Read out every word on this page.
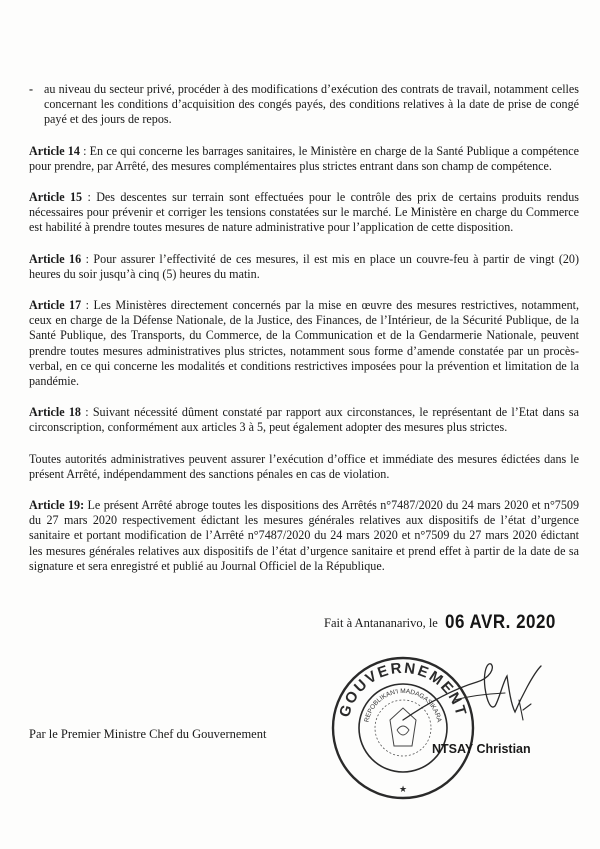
- au niveau du secteur privé, procéder à des modifications d’exécution des contrats de travail, notamment celles concernant les conditions d’acquisition des congés payés, des conditions relatives à la date de prise de congé payé et des jours de repos.

Article 14 : En ce qui concerne les barrages sanitaires, le Ministère en charge de la Santé Publique a compétence pour prendre, par Arrêté, des mesures complémentaires plus strictes entrant dans son champ de compétence.

Article 15 : Des descentes sur terrain sont effectuées pour le contrôle des prix de certains produits rendus nécessaires pour prévenir et corriger les tensions constatées sur le marché. Le Ministère en charge du Commerce est habilité à prendre toutes mesures de nature administrative pour l’application de cette disposition.

Article 16 : Pour assurer l’effectivité de ces mesures, il est mis en place un couvre-feu à partir de vingt (20) heures du soir jusqu’à cinq (5) heures du matin.

Article 17 : Les Ministères directement concernés par la mise en œuvre des mesures restrictives, notamment, ceux en charge de la Défense Nationale, de la Justice, des Finances, de l’Intérieur, de la Sécurité Publique, de la Santé Publique, des Transports, du Commerce, de la Communication et de la Gendarmerie Nationale, peuvent prendre toutes mesures administratives plus strictes, notamment sous forme d’amende constatée par un procès-verbal, en ce qui concerne les modalités et conditions restrictives imposées pour la prévention et limitation de la pandémie.

Article 18 : Suivant nécessité dûment constaté par rapport aux circonstances, le représentant de l’Etat dans sa circonscription, conformément aux articles 3 à 5, peut également adopter des mesures plus strictes.

Toutes autorités administratives peuvent assurer l’exécution d’office et immédiate des mesures édictées dans le présent Arrêté, indépendamment des sanctions pénales en cas de violation.

Article 19: Le présent Arrêté abroge toutes les dispositions des Arrêtés n°7487/2020 du 24 mars 2020 et n°7509 du 27 mars 2020 respectivement édictant les mesures générales relatives aux dispositifs de l’état d’urgence sanitaire et portant modification de l’Arrêté n°7487/2020 du 24 mars 2020 et n°7509 du 27 mars 2020 édictant les mesures générales relatives aux dispositifs de l’état d’urgence sanitaire et prend effet à partir de la date de sa signature et sera enregistré et publié au Journal Officiel de la République.

Fait à Antananarivo, le 06 AVR. 2020
Par le Premier Ministre Chef du Gouvernement
GOUVERNEMENT
REPOBLIKAN'I MADAGASIKARA
★
NTSAY Christian
